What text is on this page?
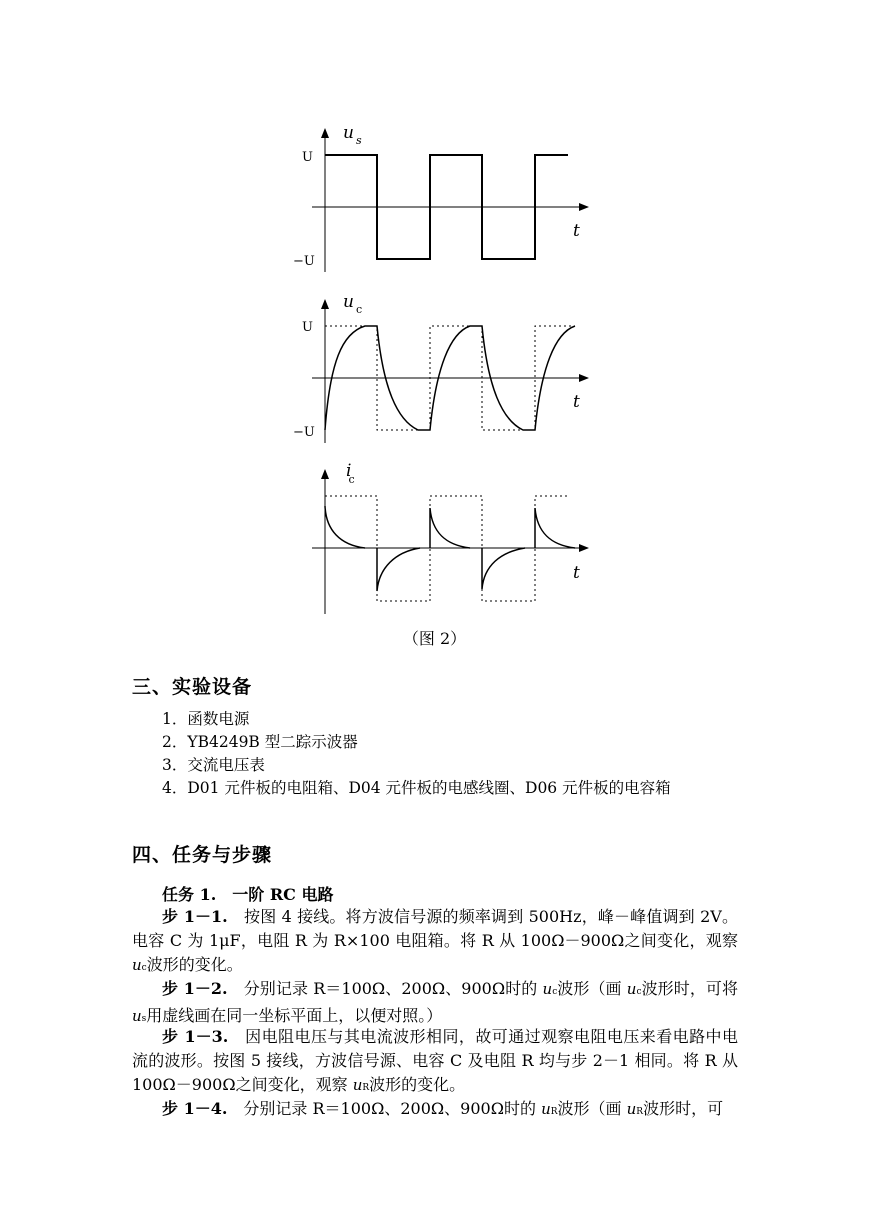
u $_s$
U
−U
t
u $_c$
U
−U
t
ic
t
（图 2）
三、实验设备
1．函数电源
2．YB4249B 型二踪示波器
3．交流电压表
4．D01 元件板的电阻箱、D04 元件板的电感线圈、D06 元件板的电容箱
四、任务与步骤
任务 1.　一阶 RC 电路
步 1－1.　按图 4 接线。将方波信号源的频率调到 500Hz，峰－峰值调到 2V。电容 C 为 1μF，电阻 R 为 R×100 电阻箱。将 R 从 100Ω－900Ω之间变化，观察 uc波形的变化。
步 1－2.　分别记录 R＝100Ω、200Ω、900Ω时的 uc波形（画 uc波形时，可将 us用虚线画在同一坐标平面上，以便对照。）
步 1－3.　因电阻电压与其电流波形相同，故可通过观察电阻电压来看电路中电流的波形。按图 5 接线，方波信号源、电容 C 及电阻 R 均与步 2－1 相同。将 R 从 100Ω－900Ω之间变化，观察 uR波形的变化。
步 1－4.　分别记录 R＝100Ω、200Ω、900Ω时的 uR波形（画 uR波形时，可
